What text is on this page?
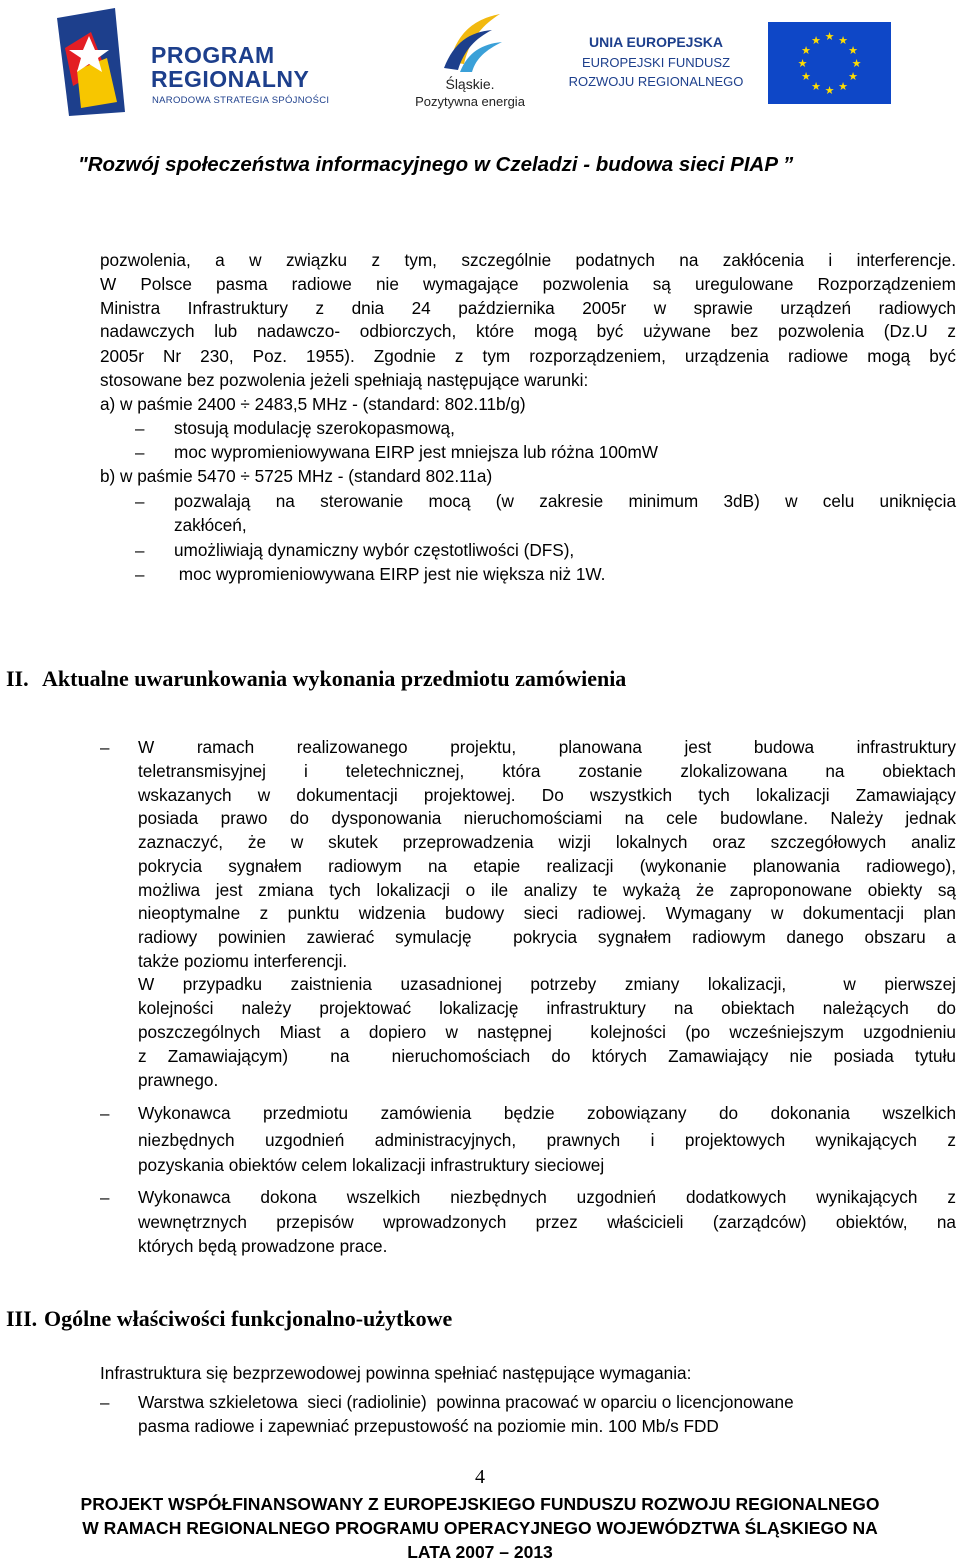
PROGRAM
REGIONALNY
NARODOWA STRATEGIA SPÓJNOŚCI
Śląskie.
Pozytywna energia
UNIA EUROPEJSKA
EUROPEJSKI FUNDUSZ
ROZWOJU REGIONALNEGO
★ ★
★
★
★
★
★
★
★
★
★
★
"Rozwój społeczeństwa informacyjnego w Czeladzi - budowa sieci PIAP ”
pozwolenia, a w związku z tym, szczególnie podatnych na zakłócenia i interferencje.
W Polsce pasma radiowe nie wymagające pozwolenia są uregulowane Rozporządzeniem
Ministra Infrastruktury z dnia 24 października 2005r w sprawie urządzeń radiowych
nadawczych lub nadawczo- odbiorczych, które mogą być używane bez pozwolenia (Dz.U z
2005r Nr 230, Poz. 1955). Zgodnie z tym rozporządzeniem, urządzenia radiowe mogą być
stosowane bez pozwolenia jeżeli spełniają następujące warunki:
a) w paśmie 2400 ÷ 2483,5 MHz - (standard: 802.11b/g)
– stosują modulację szerokopasmową,
– moc wypromieniowywana EIRP jest mniejsza lub różna 100mW
b) w paśmie 5470 ÷ 5725 MHz - (standard 802.11a)
– pozwalają na sterowanie mocą (w zakresie minimum 3dB) w celu uniknięcia
zakłóceń,
– umożliwiają dynamiczny wybór częstotliwości (DFS),
– moc wypromieniowywana EIRP jest nie większa niż 1W.
II. Aktualne uwarunkowania wykonania przedmiotu zamówienia
– W ramach realizowanego projektu, planowana jest budowa infrastruktury
teletransmisyjnej i teletechnicznej, która zostanie zlokalizowana na obiektach
wskazanych w dokumentacji projektowej. Do wszystkich tych lokalizacji Zamawiający
posiada prawo do dysponowania nieruchomościami na cele budowlane. Należy jednak
zaznaczyć, że w skutek przeprowadzenia wizji lokalnych oraz szczegółowych analiz
pokrycia sygnałem radiowym na etapie realizacji (wykonanie planowania radiowego),
możliwa jest zmiana tych lokalizacji o ile analizy te wykażą że zaproponowane obiekty są
nieoptymalne z punktu widzenia budowy sieci radiowej. Wymagany w dokumentacji plan
radiowy powinien zawierać symulację  pokrycia sygnałem radiowym danego obszaru a
także poziomu interferencji.
W przypadku zaistnienia uzasadnionej potrzeby zmiany lokalizacji,  w pierwszej
kolejności należy projektować lokalizację infrastruktury na obiektach należących do
poszczególnych Miast a dopiero w następnej  kolejności (po wcześniejszym uzgodnieniu
z Zamawiającym)  na  nieruchomościach do których Zamawiający nie posiada tytułu
prawnego.
– Wykonawca przedmiotu zamówienia będzie zobowiązany do dokonania wszelkich
niezbędnych uzgodnień administracyjnych, prawnych i projektowych wynikających z
pozyskania obiektów celem lokalizacji infrastruktury sieciowej
– Wykonawca dokona wszelkich niezbędnych uzgodnień dodatkowych wynikających z
wewnętrznych przepisów wprowadzonych przez właścicieli (zarządców) obiektów, na
których będą prowadzone prace.
III. Ogólne właściwości funkcjonalno-użytkowe
Infrastruktura się bezprzewodowej powinna spełniać następujące wymagania:
– Warstwa szkieletowa  sieci (radiolinie)  powinna pracować w oparciu o licencjonowane
pasma radiowe i zapewniać przepustowość na poziomie min. 100 Mb/s FDD
4
PROJEKT WSPÓŁFINANSOWANY Z EUROPEJSKIEGO FUNDUSZU ROZWOJU REGIONALNEGO
W RAMACH REGIONALNEGO PROGRAMU OPERACYJNEGO WOJEWÓDZTWA ŚLĄSKIEGO NA
LATA 2007 – 2013
